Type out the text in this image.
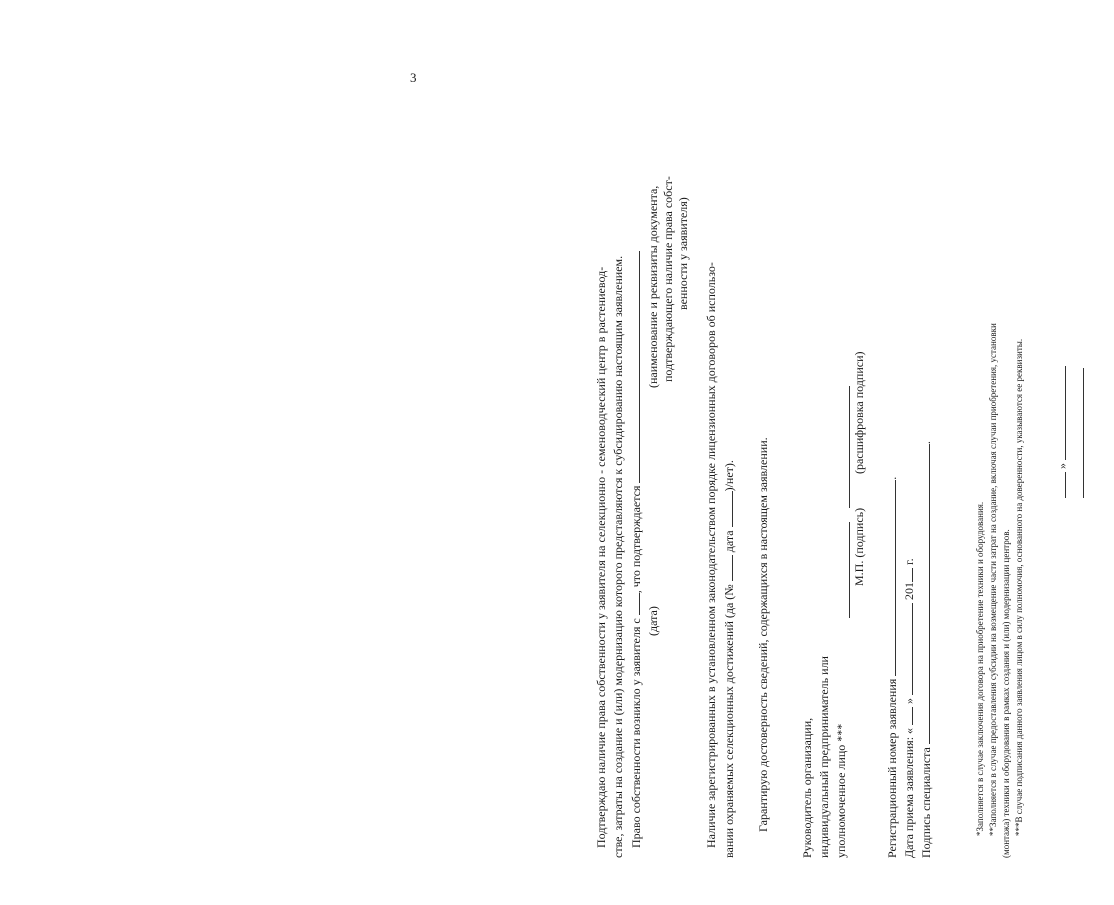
3
Подтверждаю наличие права собственности у заявителя на селекционно - семеноводческий центр в растениевод- стве, затраты на создание и (или) модернизацию которого представляются к субсидированию настоящим заявлением. Право собственности возникло у заявителя с , что подтверждается
(дата)
(наименование и реквизиты документа, подтверждающего наличие права собст- венности у заявителя)
Наличие зарегистрированных в установленном законодательством порядке лицензионных договоров об использо- вании охраняемых селекционных достижений (да (№  дата )/нет). Гарантирую достоверность сведений, содержащихся в настоящем заявлении.	Руководитель организации, индивидуальный предприниматель или уполномоченное лицо ***

М.П. (подпись)
(расшифровка подписи)
Регистрационный номер заявления .
Дата приема заявления: «  »  201 г.
Подпись специалиста .
*Заполняется в случае заключения договора на приобретение техники и оборудования. **Заполняется в случае предоставления субсидии на возмещение части затрат на создание, включая случаи приобретения, установки (монтажа) техники и оборудования в рамках создания и (или) модернизации центров. ***В случае подписания данного заявления лицом в силу полномочия, основанного на доверенности, указываются ее реквизиты.	»
